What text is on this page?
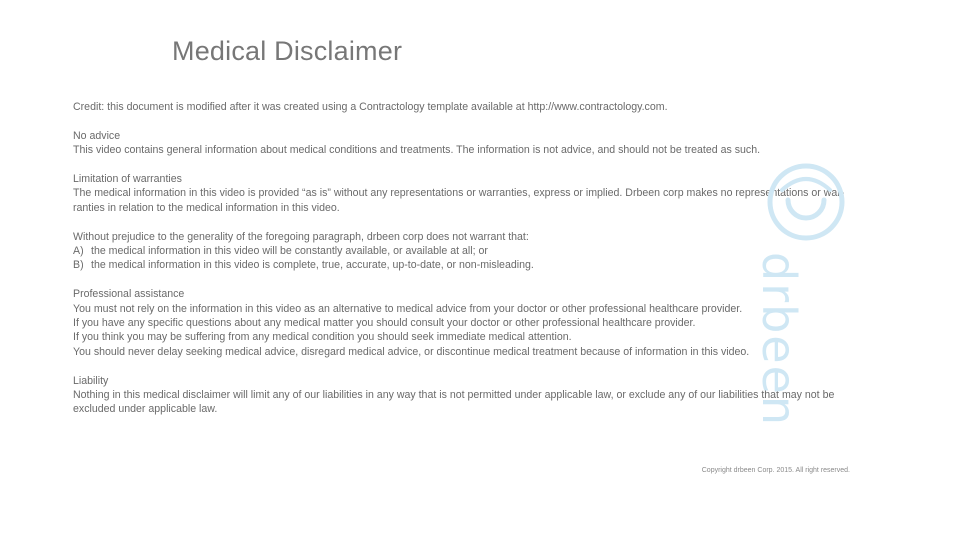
Medical Disclaimer

Credit: this document is modified after it was created using a Contractology template available at http://www.contractology.com.

No advice

This video contains general information about medical conditions and treatments. The information is not advice, and should not be treated as such.

Limitation of warranties

The medical information in this video is provided “as is” without any representations or warranties, express or implied. Drbeen corp makes no representations or war-

ranties in relation to the medical information in this video.

Without prejudice to the generality of the foregoing paragraph, drbeen corp does not warrant that:

A) the medical information in this video will be constantly available, or available at all; or
B) the medical information in this video is complete, true, accurate, up-to-date, or non-misleading.

Professional assistance

You must not rely on the information in this video as an alternative to medical advice from your doctor or other professional healthcare provider.

If you have any specific questions about any medical matter you should consult your doctor or other professional healthcare provider.

If you think you may be suffering from any medical condition you should seek immediate medical attention.

You should never delay seeking medical advice, disregard medical advice, or discontinue medical treatment because of information in this video.

Liability

Nothing in this medical disclaimer will limit any of our liabilities in any way that is not permitted under applicable law, or exclude any of our liabilities that may not be

excluded under applicable law.	drbeen
Copyright drbeen Corp. 2015. All right reserved.
